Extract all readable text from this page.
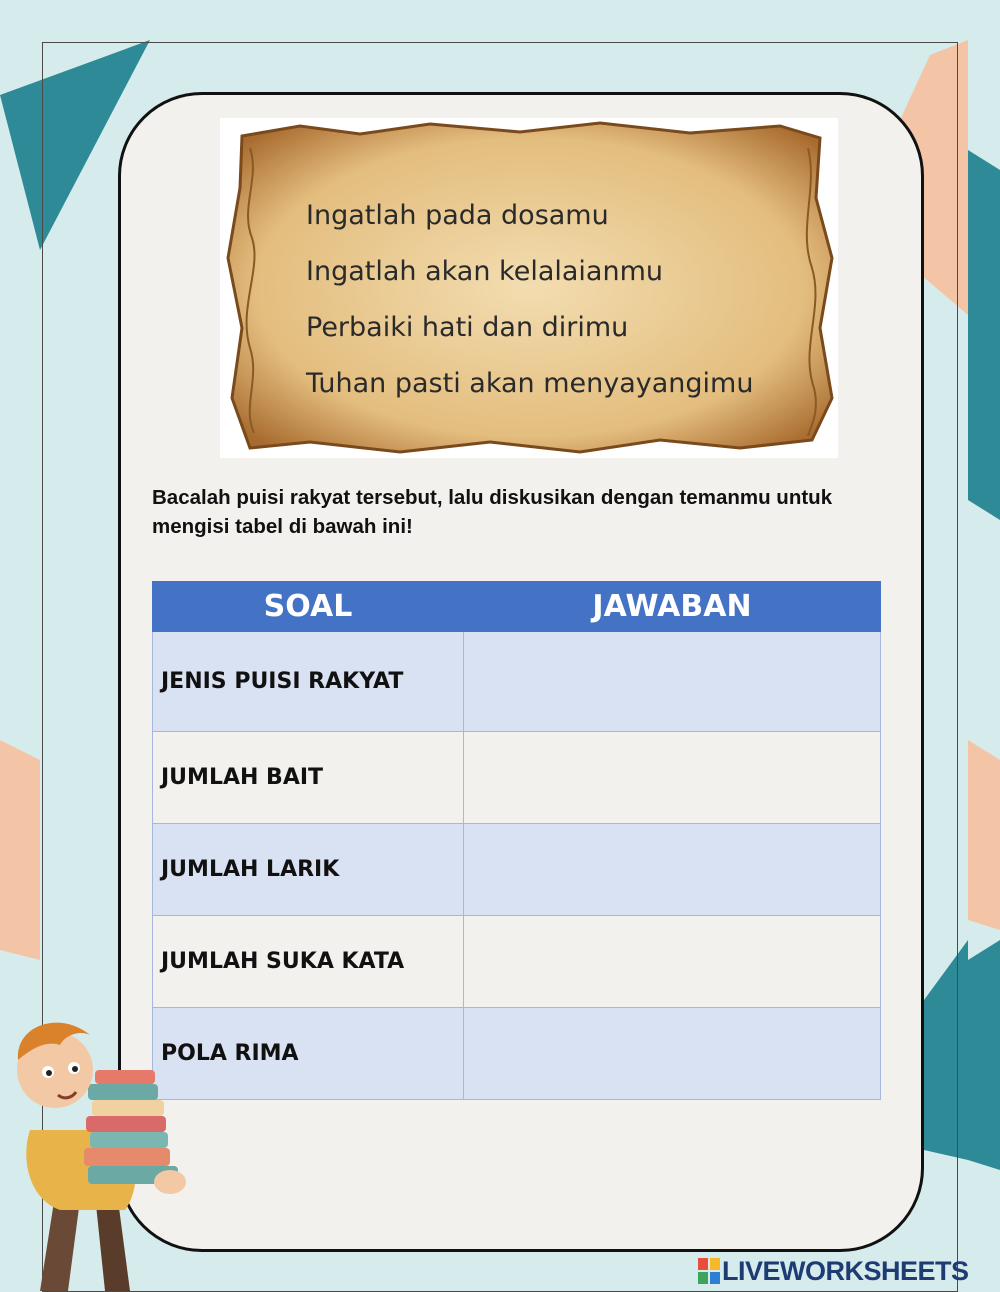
Ingatlah pada dosamu
Ingatlah akan kelalaianmu
Perbaiki hati dan dirimu
Tuhan pasti akan menyayangimu

Bacalah puisi rakyat tersebut, lalu diskusikan dengan temanmu untuk mengisi tabel di bawah ini!

SOAL	JAWABAN
JENIS PUISI RAKYAT	
JUMLAH BAIT	
JUMLAH LARIK	
JUMLAH SUKA KATA	
POLA RIMA	
LIVEWORKSHEETS
